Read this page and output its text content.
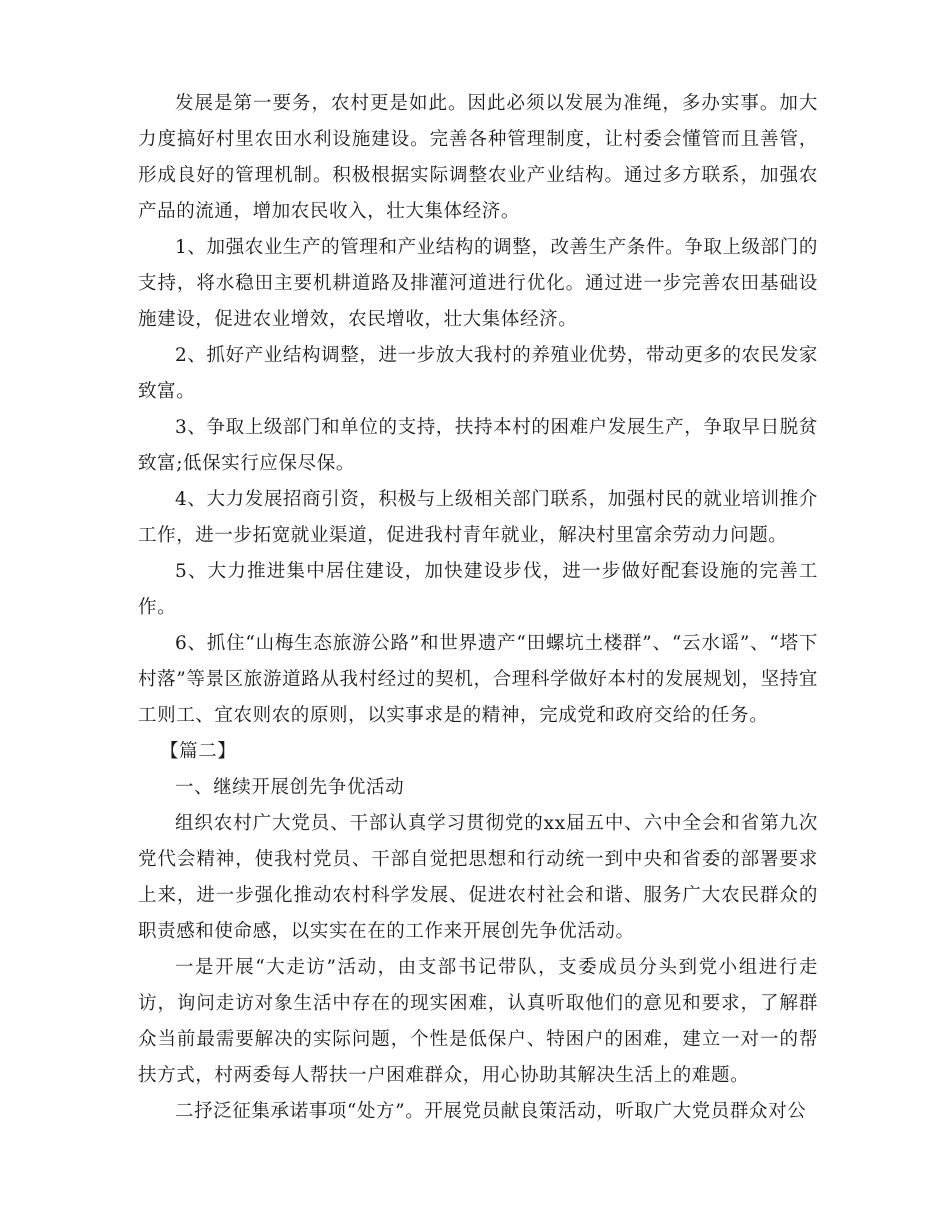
发展是第一要务，农村更是如此。因此必须以发展为准绳，多办实事。加大力度搞好村里农田水利设施建设。完善各种管理制度，让村委会懂管而且善管，形成良好的管理机制。积极根据实际调整农业产业结构。通过多方联系，加强农产品的流通，增加农民收入，壮大集体经济。

1、加强农业生产的管理和产业结构的调整，改善生产条件。争取上级部门的支持，将水稳田主要机耕道路及排灌河道进行优化。通过进一步完善农田基础设施建设，促进农业增效，农民增收，壮大集体经济。

2、抓好产业结构调整，进一步放大我村的养殖业优势，带动更多的农民发家致富。

3、争取上级部门和单位的支持，扶持本村的困难户发展生产，争取早日脱贫致富;低保实行应保尽保。

4、大力发展招商引资，积极与上级相关部门联系，加强村民的就业培训推介工作，进一步拓宽就业渠道，促进我村青年就业，解决村里富余劳动力问题。

5、大力推进集中居住建设，加快建设步伐，进一步做好配套设施的完善工作。

6、抓住“山梅生态旅游公路”和世界遗产“田螺坑土楼群”、“云水谣”、“塔下村落”等景区旅游道路从我村经过的契机，合理科学做好本村的发展规划，坚持宜工则工、宜农则农的原则，以实事求是的精神，完成党和政府交给的任务。

【篇二】

一、继续开展创先争优活动

组织农村广大党员、干部认真学习贯彻党的xx届五中、六中全会和省第九次党代会精神，使我村党员、干部自觉把思想和行动统一到中央和省委的部署要求上来，进一步强化推动农村科学发展、促进农村社会和谐、服务广大农民群众的职责感和使命感，以实实在在的工作来开展创先争优活动。

一是开展“大走访”活动，由支部书记带队，支委成员分头到党小组进行走访，询问走访对象生活中存在的现实困难，认真听取他们的意见和要求，了解群众当前最需要解决的实际问题，个性是低保户、特困户的困难，建立一对一的帮扶方式，村两委每人帮扶一户困难群众，用心协助其解决生活上的难题。

二抒泛征集承诺事项“处方”。开展党员献良策活动，听取广大党员群众对公
